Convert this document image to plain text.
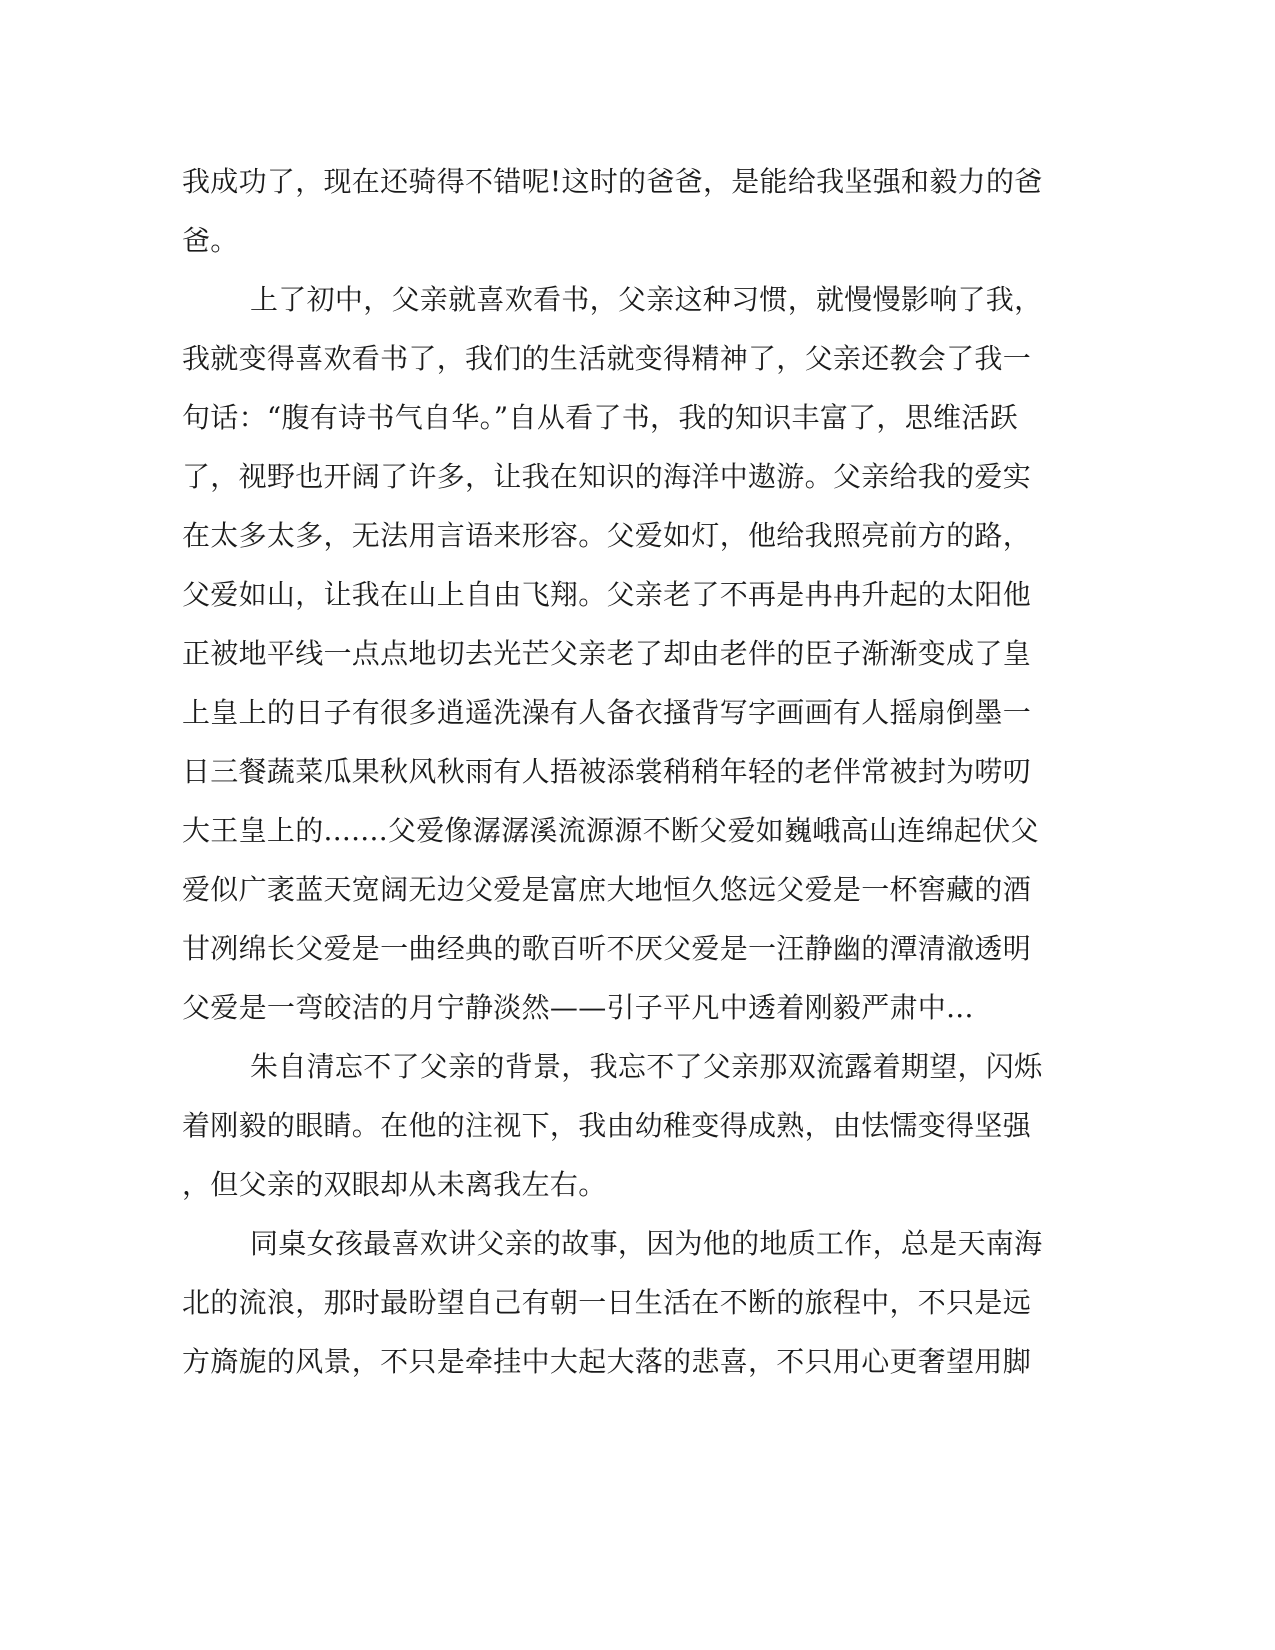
我成功了，现在还骑得不错呢!这时的爸爸，是能给我坚强和毅力的爸
爸。
上了初中，父亲就喜欢看书，父亲这种习惯，就慢慢影响了我，
我就变得喜欢看书了，我们的生活就变得精神了，父亲还教会了我一
句话：“腹有诗书气自华。”自从看了书，我的知识丰富了，思维活跃
了，视野也开阔了许多，让我在知识的海洋中遨游。父亲给我的爱实
在太多太多，无法用言语来形容。父爱如灯，他给我照亮前方的路，
父爱如山，让我在山上自由飞翔。父亲老了不再是冉冉升起的太阳他
正被地平线一点点地切去光芒父亲老了却由老伴的臣子渐渐变成了皇
上皇上的日子有很多逍遥洗澡有人备衣搔背写字画画有人摇扇倒墨一
日三餐蔬菜瓜果秋风秋雨有人捂被添裳稍稍年轻的老伴常被封为唠叨
大王皇上的.......父爱像潺潺溪流源源不断父爱如巍峨高山连绵起伏父
爱似广袤蓝天宽阔无边父爱是富庶大地恒久悠远父爱是一杯窖藏的酒
甘冽绵长父爱是一曲经典的歌百听不厌父爱是一汪静幽的潭清澈透明
父爱是一弯皎洁的月宁静淡然——引子平凡中透着刚毅严肃中...
朱自清忘不了父亲的背景，我忘不了父亲那双流露着期望，闪烁
着刚毅的眼睛。在他的注视下，我由幼稚变得成熟，由怯懦变得坚强
，但父亲的双眼却从未离我左右。
同桌女孩最喜欢讲父亲的故事，因为他的地质工作，总是天南海
北的流浪，那时最盼望自己有朝一日生活在不断的旅程中，不只是远
方旖旎的风景，不只是牵挂中大起大落的悲喜，不只用心更奢望用脚
